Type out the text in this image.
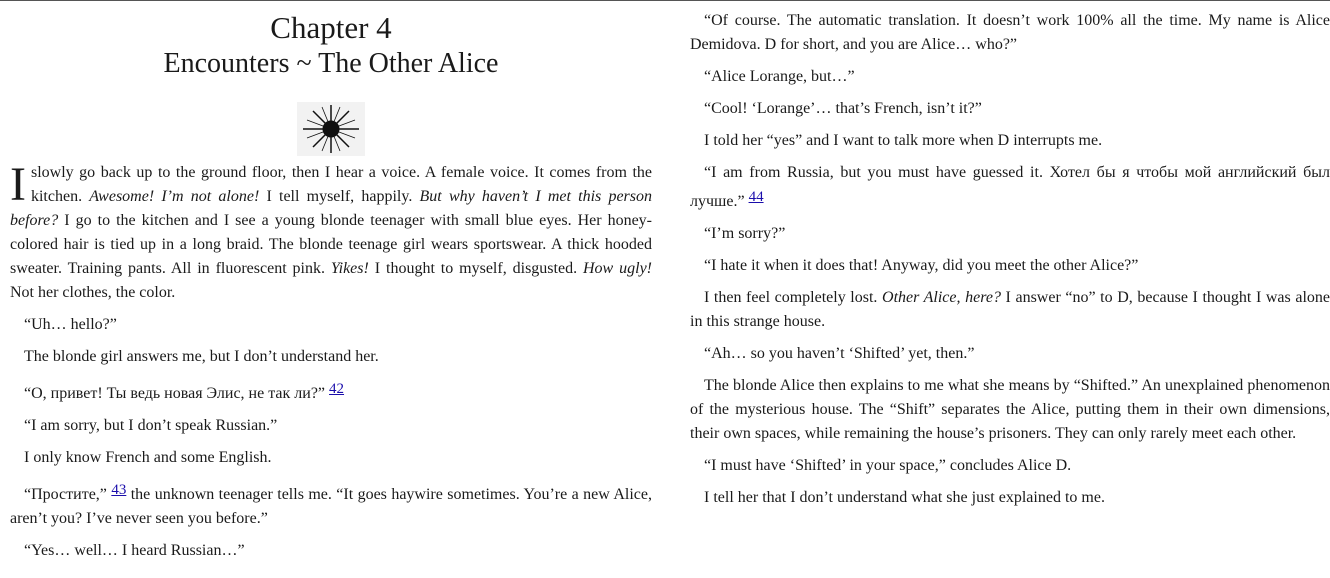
Chapter 4
Encounters ~ The Other Alice

I slowly go back up to the ground floor, then I hear a voice. A female voice. It comes from the kitchen. Awesome! I’m not alone! I tell myself, happily. But why haven’t I met this person before? I go to the kitchen and I see a young blonde teenager with small blue eyes. Her honey-colored hair is tied up in a long braid. The blonde teenage girl wears sportswear. A thick hooded sweater. Training pants. All in fluorescent pink. Yikes! I thought to myself, disgusted. How ugly! Not her clothes, the color.

“Uh… hello?”

The blonde girl answers me, but I don’t understand her.

“О, привет! Ты ведь новая Элис, не так ли?” 42

“I am sorry, but I don’t speak Russian.”

I only know French and some English.

“Простите,” 43 the unknown teenager tells me. “It goes haywire sometimes. You’re a new Alice, aren’t you? I’ve never seen you before.”

“Yes… well… I heard Russian…”

“Of course. The automatic translation. It doesn’t work 100% all the time. My name is Alice Demidova. D for short, and you are Alice… who?”

“Alice Lorange, but…”

“Cool! ‘Lorange’… that’s French, isn’t it?”

I told her “yes” and I want to talk more when D interrupts me.

“I am from Russia, but you must have guessed it. Хотел бы я чтобы мой английский был лучше.” 44

“I’m sorry?”

“I hate it when it does that! Anyway, did you meet the other Alice?”

I then feel completely lost. Other Alice, here? I answer “no” to D, because I thought I was alone in this strange house.

“Ah… so you haven’t ‘Shifted’ yet, then.”

The blonde Alice then explains to me what she means by “Shifted.” An unexplained phenomenon of the mysterious house. The “Shift” separates the Alice, putting them in their own dimensions, their own spaces, while remaining the house’s prisoners. They can only rarely meet each other.

“I must have ‘Shifted’ in your space,” concludes Alice D.

I tell her that I don’t understand what she just explained to me.
